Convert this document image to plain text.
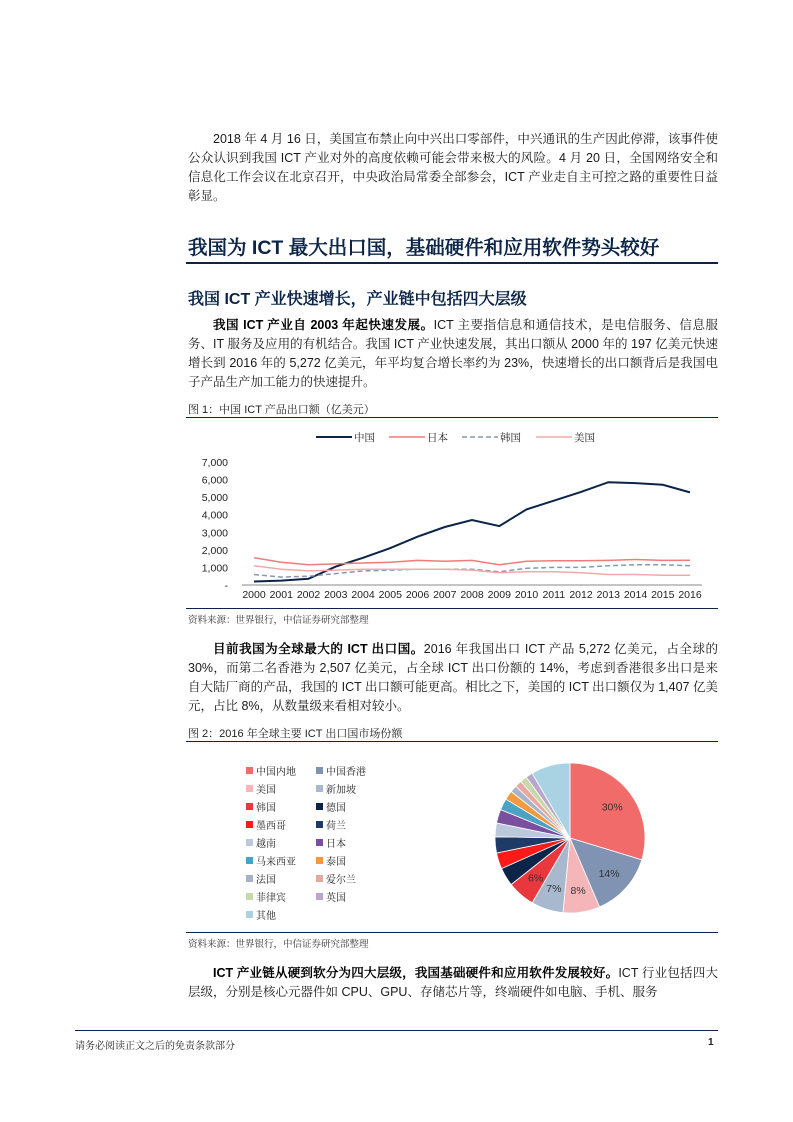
2018 年 4 月 16 日，美国宣布禁止向中兴出口零部件，中兴通讯的生产因此停滞，该事件使公众认识到我国 ICT 产业对外的高度依赖可能会带来极大的风险。4 月 20 日，全国网络安全和信息化工作会议在北京召开，中央政治局常委全部参会，ICT 产业走自主可控之路的重要性日益彰显。

我国为 ICT 最大出口国，基础硬件和应用软件势头较好
我国 ICT 产业快速增长，产业链中包括四大层级

我国 ICT 产业自 2003 年起快速发展。ICT 主要指信息和通信技术，是电信服务、信息服务、IT 服务及应用的有机结合。我国 ICT 产业快速发展，其出口额从 2000 年的 197 亿美元快速增长到 2016 年的 5,272 亿美元，年平均复合增长率约为 23%，快速增长的出口额背后是我国电子产品生产加工能力的快速提升。

图 1：中国 ICT 产品出口额（亿美元）

-
1,000
2,000
3,000
4,000
5,000
6,000
7,000
2000 2001 2002 2003 2004 2005 2006 2007 2008 2009 2010 2011 2012 2013 2014 2015 2016
中国	日本	韩国	美国

资料来源：世界银行，中信证券研究部整理

目前我国为全球最大的 ICT 出口国。2016 年我国出口 ICT 产品 5,272 亿美元，占全球的 30%，而第二名香港为 2,507 亿美元，占全球 ICT 出口份额的 14%，考虑到香港很多出口是来自大陆厂商的产品，我国的 ICT 出口额可能更高。相比之下，美国的 ICT 出口额仅为 1,407 亿美元，占比 8%，从数量级来看相对较小。

图 2：2016 年全球主要 ICT 出口国市场份额

中国内地	中国香港
美国	新加坡
韩国	德国
墨西哥	荷兰
越南	日本
马来西亚	泰国
法国	爱尔兰
菲律宾	英国
其他
30%
14%
8%
7%
6%

资料来源：世界银行，中信证券研究部整理

ICT 产业链从硬到软分为四大层级，我国基础硬件和应用软件发展较好。ICT 行业包括四大层级，分别是核心元器件如 CPU、GPU、存储芯片等，终端硬件如电脑、手机、服务

请务必阅读正文之后的免责条款部分	1
